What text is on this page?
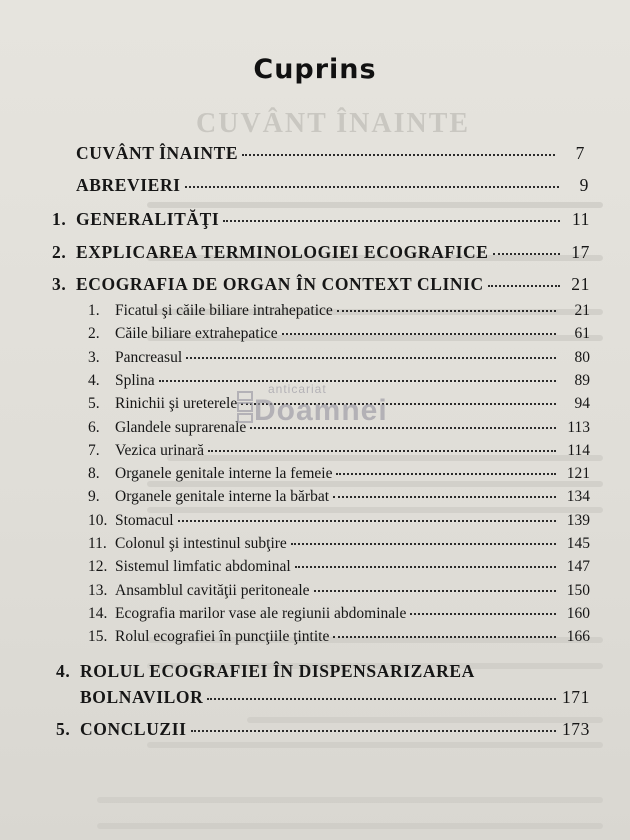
CUVÂNT ÎNAINTE
Cuprins
CUVÂNT ÎNAINTE	7
ABREVIERI	9
1. GENERALITĂŢI	11
2. EXPLICAREA TERMINOLOGIEI ECOGRAFICE	17
3. ECOGRAFIA DE ORGAN ÎN CONTEXT CLINIC	21
1. Ficatul şi căile biliare intrahepatice	21
2. Căile biliare extrahepatice	61
3. Pancreasul	80
4. Splina	89
5. Rinichii şi ureterele	94
6. Glandele suprarenale	113
7. Vezica urinară	114
8. Organele genitale interne la femeie	121
9. Organele genitale interne la bărbat	134
10. Stomacul	139
11. Colonul şi intestinul subţire	145
12. Sistemul limfatic abdominal	147
13. Ansamblul cavităţii peritoneale	150
14. Ecografia marilor vase ale regiunii abdominale	160
15. Rolul ecografiei în puncţiile ţintite	166
4. ROLUL ECOGRAFIEI ÎN DISPENSARIZAREA
BOLNAVILOR	171
5. CONCLUZII	173
anticariat
Doamnei
